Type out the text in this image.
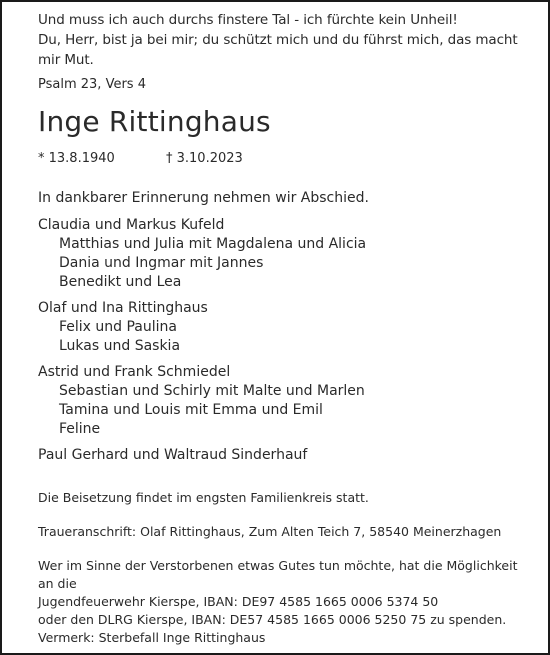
Und muss ich auch durchs finstere Tal - ich fürchte kein Unheil!

Du, Herr, bist ja bei mir; du schützt mich und du führst mich, das macht mir Mut.

Psalm 23, Vers 4
Inge Rittinghaus
* 13.8.1940	† 3.10.2023
In dankbarer Erinnerung nehmen wir Abschied.
Claudia und Markus Kufeld
Matthias und Julia mit Magdalena und Alicia
Dania und Ingmar mit Jannes
Benedikt und Lea
Olaf und Ina Rittinghaus
Felix und Paulina
Lukas und Saskia
Astrid und Frank Schmiedel
Sebastian und Schirly mit Malte und Marlen
Tamina und Louis mit Emma und Emil
Feline
Paul Gerhard und Waltraud Sinderhauf
Die Beisetzung findet im engsten Familienkreis statt.
Traueranschrift: Olaf Rittinghaus, Zum Alten Teich 7, 58540 Meinerzhagen
Wer im Sinne der Verstorbenen etwas Gutes tun möchte, hat die Möglichkeit an die
Jugendfeuerwehr Kierspe, IBAN: DE97 4585 1665 0006 5374 50
oder den DLRG Kierspe, IBAN: DE57 4585 1665 0006 5250 75 zu spenden.
Vermerk: Sterbefall Inge Rittinghaus
